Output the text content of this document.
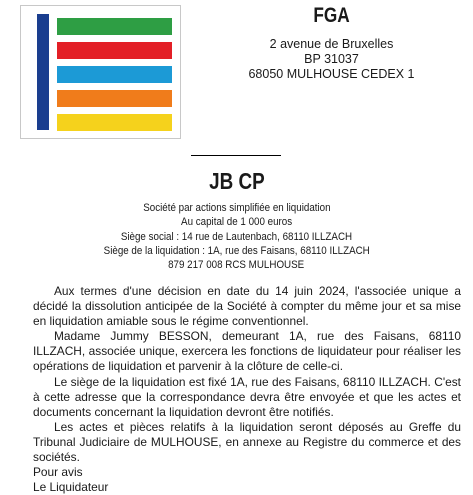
FGA
2 avenue de Bruxelles
BP 31037
68050 MULHOUSE CEDEX 1
JB CP
Société par actions simplifiée en liquidation
Au capital de 1 000 euros
Siège social : 14 rue de Lautenbach, 68110 ILLZACH
Siège de la liquidation : 1A, rue des Faisans, 68110 ILLZACH
879 217 008 RCS MULHOUSE

Aux termes d'une décision en date du 14 juin 2024, l'associée unique a décidé la dissolution anticipée de la Société à compter du même jour et sa mise en liquidation amiable sous le régime conventionnel.

Madame Jummy BESSON, demeurant 1A, rue des Faisans, 68110 ILLZACH, associée unique, exercera les fonctions de liquidateur pour réaliser les opérations de liquidation et parvenir à la clôture de celle-ci.

Le siège de la liquidation est fixé 1A, rue des Faisans, 68110 ILLZACH. C'est à cette adresse que la correspondance devra être envoyée et que les actes et documents concernant la liquidation devront être notifiés.

Les actes et pièces relatifs à la liquidation seront déposés au Greffe du Tribunal Judiciaire de MULHOUSE, en annexe au Registre du commerce et des sociétés.

Pour avis
Le Liquidateur
